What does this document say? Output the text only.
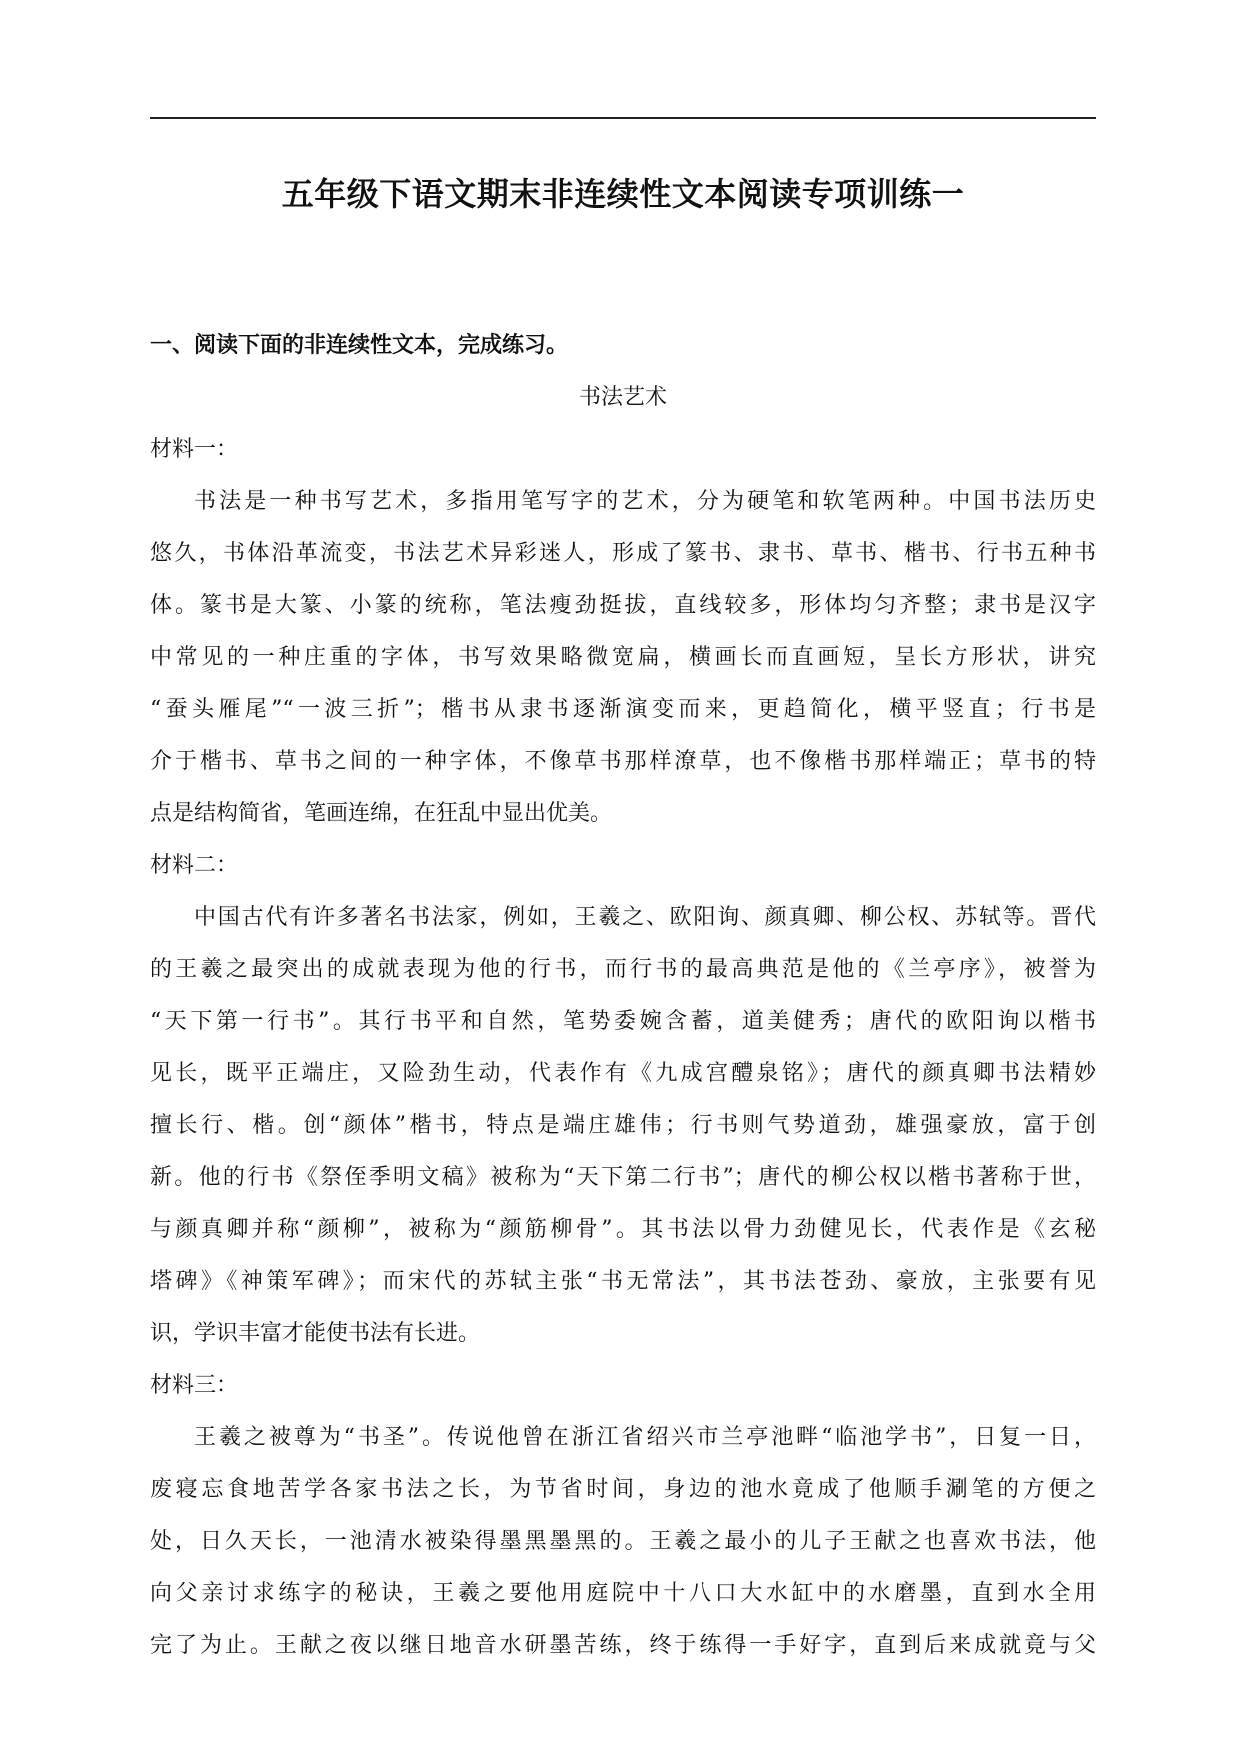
五年级下语文期末非连续性文本阅读专项训练一
一、阅读下面的非连续性文本，完成练习。
书法艺术
材料一：
书法是一种书写艺术，多指用笔写字的艺术，分为硬笔和软笔两种。中国书法历史
悠久，书体沿革流变，书法艺术异彩迷人，形成了篆书、隶书、草书、楷书、行书五种书
体。篆书是大篆、小篆的统称，笔法瘦劲挺拔，直线较多，形体均匀齐整；隶书是汉字
中常见的一种庄重的字体，书写效果略微宽扁，横画长而直画短，呈长方形状，讲究
“蚕头雁尾”“一波三折”；楷书从隶书逐渐演变而来，更趋简化，横平竖直；行书是
介于楷书、草书之间的一种字体，不像草书那样潦草，也不像楷书那样端正；草书的特
点是结构简省，笔画连绵，在狂乱中显出优美。
材料二：
中国古代有许多著名书法家，例如，王羲之、欧阳询、颜真卿、柳公权、苏轼等。晋代
的王羲之最突出的成就表现为他的行书，而行书的最高典范是他的《兰亭序》，被誉为
“天下第一行书”。其行书平和自然，笔势委婉含蓄，道美健秀；唐代的欧阳询以楷书
见长，既平正端庄，又险劲生动，代表作有《九成宫醴泉铭》；唐代的颜真卿书法精妙
擅长行、楷。创“颜体”楷书，特点是端庄雄伟；行书则气势道劲，雄强豪放，富于创
新。他的行书《祭侄季明文稿》被称为“天下第二行书”；唐代的柳公权以楷书著称于世，
与颜真卿并称“颜柳”，被称为“颜筋柳骨”。其书法以骨力劲健见长，代表作是《玄秘
塔碑》《神策军碑》；而宋代的苏轼主张“书无常法”，其书法苍劲、豪放，主张要有见
识，学识丰富才能使书法有长进。
材料三：
王羲之被尊为“书圣”。传说他曾在浙江省绍兴市兰亭池畔“临池学书”，日复一日，
废寝忘食地苦学各家书法之长，为节省时间，身边的池水竟成了他顺手涮笔的方便之
处，日久天长，一池清水被染得墨黑墨黑的。王羲之最小的儿子王献之也喜欢书法，他
向父亲讨求练字的秘诀，王羲之要他用庭院中十八口大水缸中的水磨墨，直到水全用
完了为止。王献之夜以继日地音水研墨苦练，终于练得一手好字，直到后来成就竟与父
